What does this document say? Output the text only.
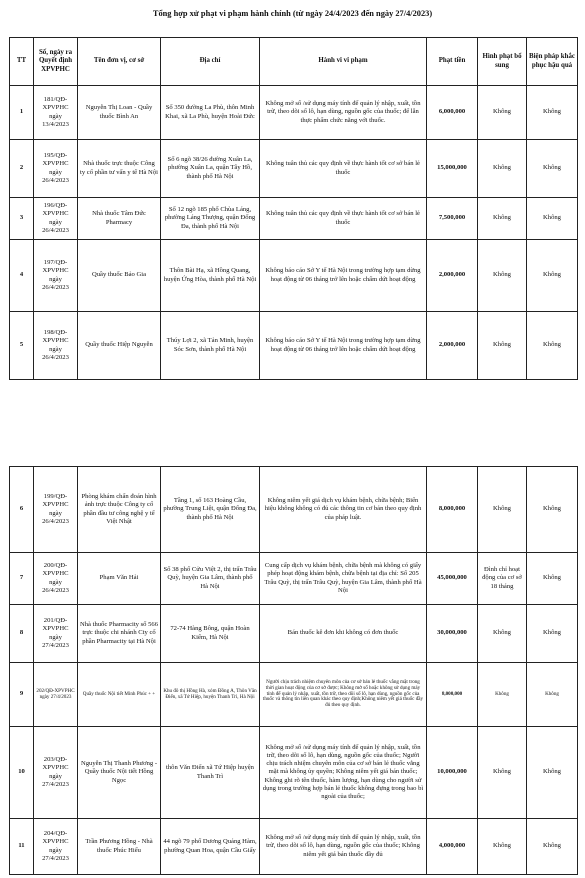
Tổng hợp xử phạt vi phạm hành chính (từ ngày 24/4/2023 đến ngày 27/4/2023)
TT	Số, ngày ra Quyết định XPVPHC	Tên đơn vị, cơ sở	Địa chỉ	Hành vi vi phạm	Phạt tiền	Hình phạt bổ sung	Biện pháp khắc phục hậu quả
1	181/QĐ-XPVPHC ngày 13/4/2023	Nguyễn Thị Loan - Quầy thuốc Bình An	Số 350 đường La Phù, thôn Minh Khai, xã La Phù, huyện Hoài Đức	Không mở số /sử dụng máy tính để quản lý nhập, xuất, tồn trữ, theo dõi số lô, hạn dùng, nguồn gốc của thuốc; để lẫn thực phẩm chức năng với thuốc.	6,000,000	Không	Không
2	195/QĐ-XPVPHC ngày 26/4/2023	Nhà thuốc trực thuộc Công ty cổ phần tư vấn y tế Hà Nội	Số 6 ngõ 38/26 đường Xuân La, phường Xuân La, quận Tây Hồ, thành phố Hà Nội	Không tuân thủ các quy định về thực hành tốt cơ sở bán lẻ thuốc	15,000,000	Không	Không
3	196/QĐ-XPVPHC ngày 26/4/2023	Nhà thuốc Tâm Đức Pharmacy	Số 12 ngõ 185 phố Chùa Láng, phường Láng Thượng, quận Đống Đa, thành phố Hà Nội	Không tuân thủ các quy định về thực hành tốt cơ sở bán lẻ thuốc	7,500,000	Không	Không
4	197/QĐ-XPVPHC ngày 26/4/2023	Quầy thuốc Bảo Gia	Thôn Bài Hạ, xã Hồng Quang, huyện Ứng Hòa, thành phố Hà Nội	Không báo cáo Sở Y tế Hà Nội trong trường hợp tạm dừng hoạt động từ 06 tháng trở lên hoặc chấm dứt hoạt động	2,000,000	Không	Không
5	198/QĐ-XPVPHC ngày 26/4/2023	Quầy thuốc Hiệp Nguyễn	Thúy Lợi 2, xã Tản Minh, huyện Sóc Sơn, thành phố Hà Nội	Không báo cáo Sở Y tế Hà Nội trong trường hợp tạm dừng hoạt động từ 06 tháng trở lên hoặc chấm dứt hoạt động	2,000,000	Không	Không
6	199/QĐ-XPVPHC ngày 26/4/2023	Phòng khám chẩn đoán hình ảnh trực thuộc Công ty cổ phần đầu tư công nghệ y tế Việt Nhật	Tầng 1, số 163 Hoàng Cầu, phường Trung Liệt, quận Đống Đa, thành phố Hà Nội	Không niêm yết giá dịch vụ khám bệnh, chữa bệnh; Biển hiệu không không có đủ các thông tin cơ bản theo quy định của pháp luật.	8,000,000	Không	Không
7	200/QĐ-XPVPHC ngày 26/4/2023	Phạm Văn Hải	Số 38 phố Cửu Việt 2, thị trấn Trâu Quỳ, huyện Gia Lâm, thành phố Hà Nội	Cung cấp dịch vụ khám bệnh, chữa bệnh mà không có giấy phép hoạt động khám bệnh, chữa bệnh tại địa chỉ: Số 205 Trâu Quỳ, thị trấn Trâu Quỳ, huyện Gia Lâm, thành phố Hà Nội	45,000,000	Đình chỉ hoạt động của cơ sở 18 tháng	Không
8	201/QĐ-XPVPHC ngày 27/4/2023	Nhà thuốc Pharmacity số 566 trực thuộc chi nhánh Cty cổ phần Pharmacity tại Hà Nội	72-74 Hàng Bông, quận Hoàn Kiếm, Hà Nội	Bán thuốc kê đơn khi không có đơn thuốc	30,000,000	Không	Không
9	202/QĐ-XPVPHC ngày 27/4/2023	Quầy thuốc Nội tiết Minh Phúc + +	Khu đô thị Hồng Hà, xóm Đồng A, Thôn Văn Điển, xã Tứ Hiệp, huyện Thanh Trì, Hà Nội	Người chịu trách nhiệm chuyên môn của cơ sở bán lẻ thuốc vắng mặt trong thời gian hoạt động của cơ sở được; Không mở sổ hoặc không sử dụng máy tính để quản lý nhập, xuất, tồn trữ, theo dõi số lô, hạn dùng, nguồn gốc của thuốc và thông tin liên quan khác theo quy định;Không niêm yết giá thuốc đầy đủ theo quy định.	8,000,000	Không	Không
10	203/QĐ-XPVPHC ngày 27/4/2023	Nguyễn Thị Thanh Phương - Quầy thuốc Nội tiết Hồng Ngọc	thôn Văn Điển xã Tứ Hiệp huyện Thanh Trì	Không mở số /sử dụng máy tính để quản lý nhập, xuất, tồn trữ, theo dõi số lô, hạn dùng, nguồn gốc của thuốc; Người chịu trách nhiệm chuyên môn của cơ sở bán lẻ thuốc vắng mặt mà không ủy quyền; Không niêm yết giá bán thuốc; Không ghi rõ tên thuốc, hàm lượng, hạn dùng cho người sử dụng trong trường hợp bán lẻ thuốc không đựng trong bao bì ngoài của thuốc;	10,000,000	Không	Không
11	204/QĐ-XPVPHC ngày 27/4/2023	Trần Phương Hồng - Nhà thuốc Phúc Hiếu	44 ngõ 79 phố Dương Quảng Hàm, phường Quan Hoa, quận Cầu Giấy	Không mở số /sử dụng máy tính để quản lý nhập, xuất, tồn trữ, theo dõi số lô, hạn dùng, nguồn gốc của thuốc; Không niêm yết giá bán thuốc đầy đủ	4,000,000	Không	Không
